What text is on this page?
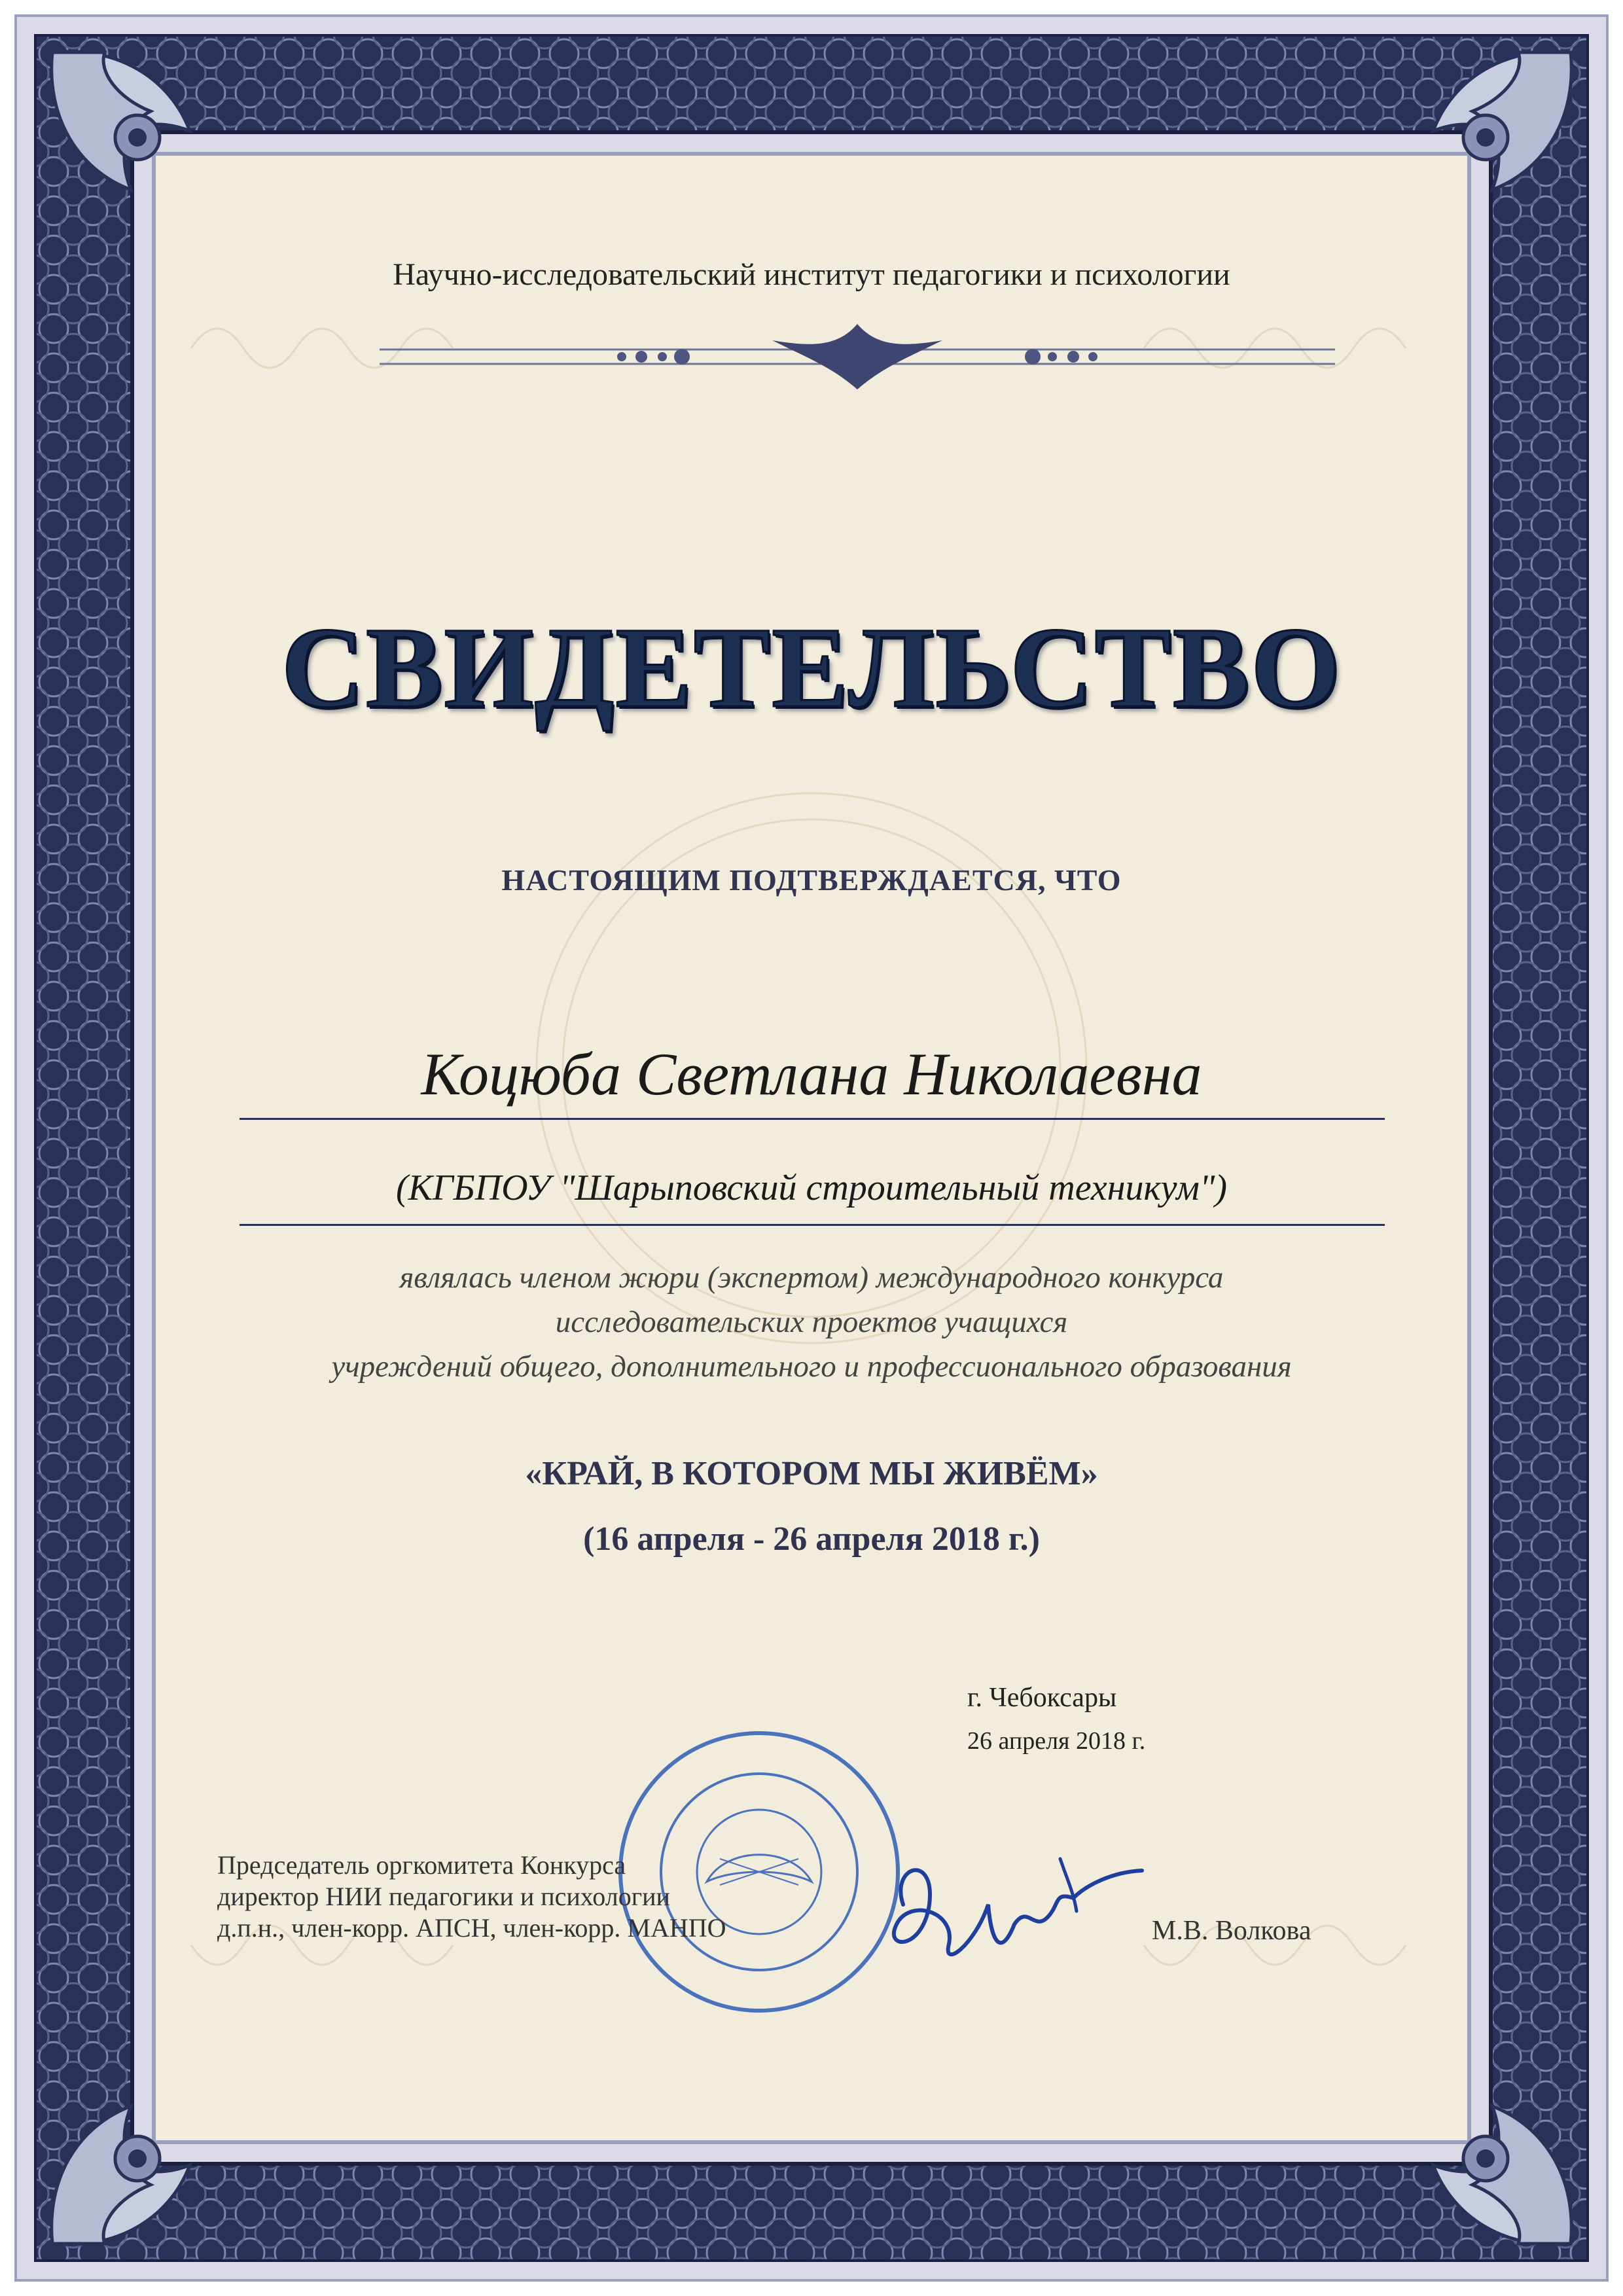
Научно-исследовательский институт педагогики и психологии
СВИДЕТЕЛЬСТВО
НАСТОЯЩИМ ПОДТВЕРЖДАЕТСЯ, ЧТО
Коцюба Светлана Николаевна
(КГБПОУ "Шарыповский строительный техникум")
являлась членом жюри (экспертом) международного конкурса
исследовательских проектов учащихся
учреждений общего, дополнительного и профессионального образования
«КРАЙ, В КОТОРОМ МЫ ЖИВЁМ»
(16 апреля - 26 апреля 2018 г.)
г. Чебоксары
26 апреля 2018 г.
Председатель оргкомитета Конкурса
директор НИИ педагогики и психологии
д.п.н., член-корр. АПСН, член-корр. МАНПО	М.В. Волкова
